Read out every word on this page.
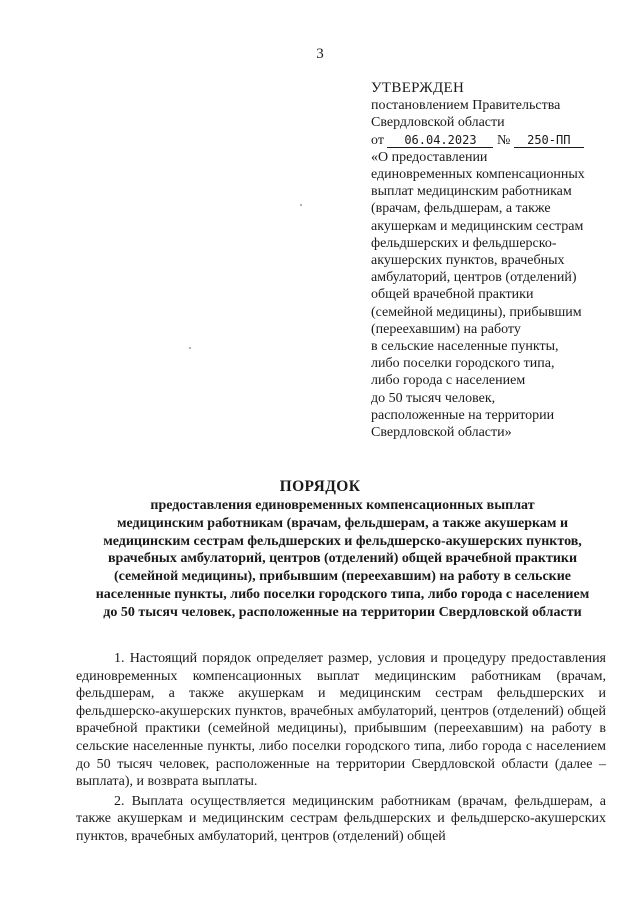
3
УТВЕРЖДЕН
постановлением Правительства
Свердловской области
от 06.04.2023 № 250-ПП
«О предоставлении
единовременных компенсационных
выплат медицинским работникам
(врачам, фельдшерам, а также
акушеркам и медицинским сестрам
фельдшерских и фельдшерско-
акушерских пунктов, врачебных
амбулаторий, центров (отделений)
общей врачебной практики
(семейной медицины), прибывшим
(переехавшим) на работу
в сельские населенные пункты,
либо поселки городского типа,
либо города с населением
до 50 тысяч человек,
расположенные на территории
Свердловской области»
ПОРЯДОК
предоставления единовременных компенсационных выплат
медицинским работникам (врачам, фельдшерам, а также акушеркам и
медицинским сестрам фельдшерских и фельдшерско-акушерских пунктов,
врачебных амбулаторий, центров (отделений) общей врачебной практики
(семейной медицины), прибывшим (переехавшим) на работу в сельские
населенные пункты, либо поселки городского типа, либо города с населением
до 50 тысяч человек, расположенные на территории Свердловской области

1. Настоящий порядок определяет размер, условия и процедуру предоставления единовременных компенсационных выплат медицинским работникам (врачам, фельдшерам, а также акушеркам и медицинским сестрам фельдшерских и фельдшерско-акушерских пунктов, врачебных амбулаторий, центров (отделений) общей врачебной практики (семейной медицины), прибывшим (переехавшим) на работу в сельские населенные пункты, либо поселки городского типа, либо города с населением до 50 тысяч человек, расположенные на территории Свердловской области (далее – выплата), и возврата выплаты.

2. Выплата осуществляется медицинским работникам (врачам, фельдшерам, а также акушеркам и медицинским сестрам фельдшерских и фельдшерско-акушерских пунктов, врачебных амбулаторий, центров (отделений) общей
